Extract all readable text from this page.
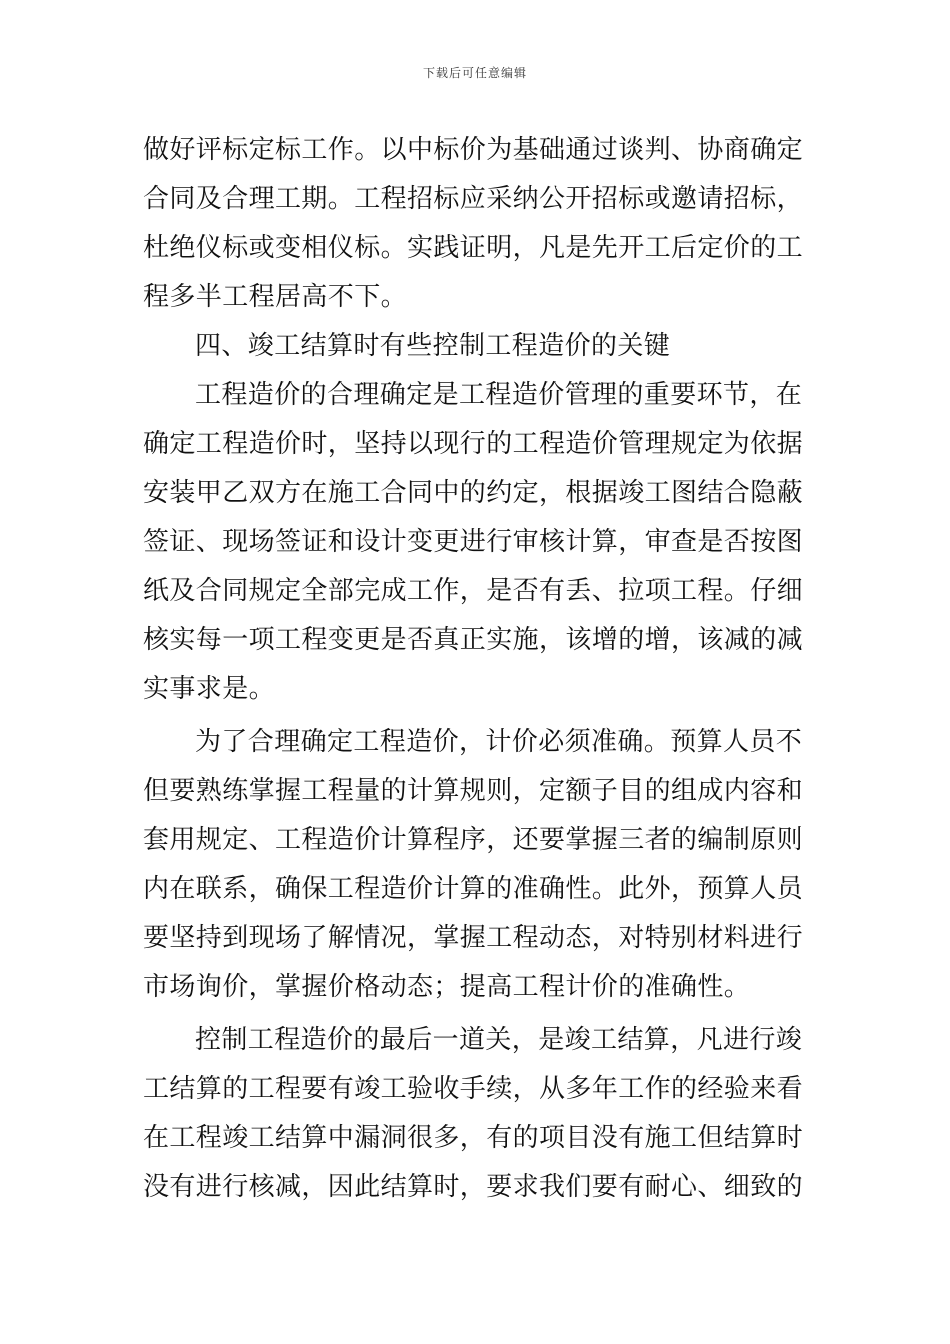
下载后可任意编辑
做好评标定标工作。以中标价为基础通过谈判、协商确定
合同及合理工期。工程招标应采纳公开招标或邀请招标，
杜绝仪标或变相仪标。实践证明，凡是先开工后定价的工
程多半工程居高不下。
四、竣工结算时有些控制工程造价的关键
工程造价的合理确定是工程造价管理的重要环节，在
确定工程造价时，坚持以现行的工程造价管理规定为依据
安装甲乙双方在施工合同中的约定，根据竣工图结合隐蔽
签证、现场签证和设计变更进行审核计算，审查是否按图
纸及合同规定全部完成工作，是否有丢、拉项工程。仔细
核实每一项工程变更是否真正实施，该增的增，该减的减
实事求是。
为了合理确定工程造价，计价必须准确。预算人员不
但要熟练掌握工程量的计算规则，定额子目的组成内容和
套用规定、工程造价计算程序，还要掌握三者的编制原则
内在联系，确保工程造价计算的准确性。此外，预算人员
要坚持到现场了解情况，掌握工程动态，对特别材料进行
市场询价，掌握价格动态；提高工程计价的准确性。
控制工程造价的最后一道关，是竣工结算，凡进行竣
工结算的工程要有竣工验收手续，从多年工作的经验来看
在工程竣工结算中漏洞很多，有的项目没有施工但结算时
没有进行核减，因此结算时，要求我们要有耐心、细致的
